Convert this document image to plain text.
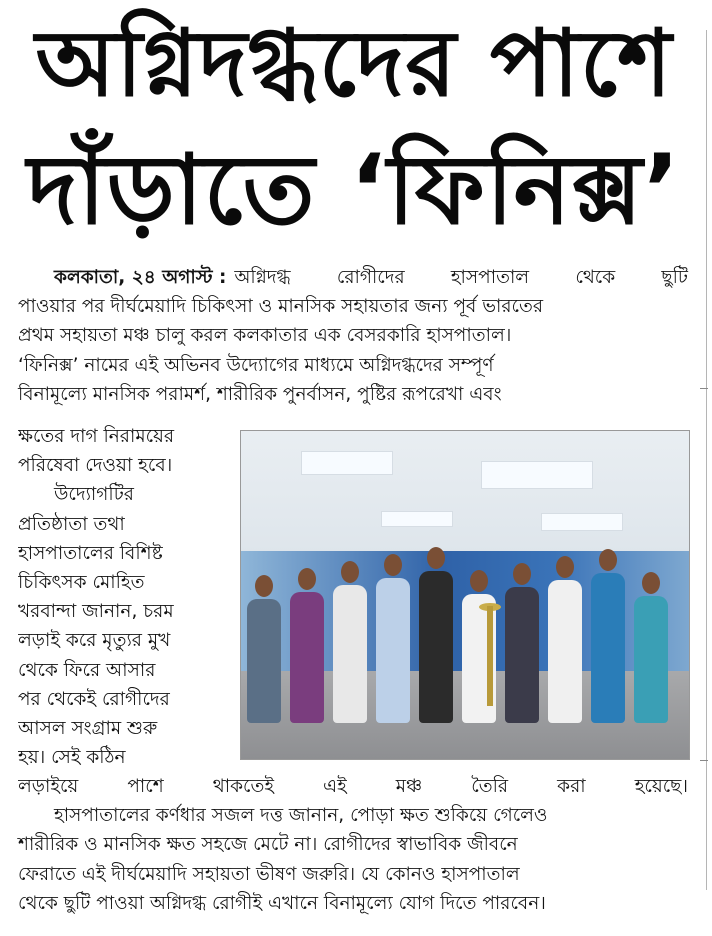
অগ্নিদগ্ধদের পাশে
দাঁড়াতে ‘ফিনিক্স’
কলকাতা, ২৪ অগাস্ট : অগ্নিদগ্ধ রোগীদের হাসপাতাল থেকে ছুটি
পাওয়ার পর দীর্ঘমেয়াদি চিকিৎসা ও মানসিক সহায়তার জন্য পূর্ব ভারতের
প্রথম সহায়তা মঞ্চ চালু করল কলকাতার এক বেসরকারি হাসপাতাল।
‘ফিনিক্স’ নামের এই অভিনব উদ্যোগের মাধ্যমে অগ্নিদগ্ধদের সম্পূর্ণ
বিনামূল্যে মানসিক পরামর্শ, শারীরিক পুনর্বাসন, পুষ্টির রূপরেখা এবং
ক্ষতের দাগ নিরাময়ের
পরিষেবা দেওয়া হবে।
উদ্যোগটির
প্রতিষ্ঠাতা তথা
হাসপাতালের বিশিষ্ট
চিকিৎসক মোহিত
খরবান্দা জানান, চরম
লড়াই করে মৃত্যুর মুখ
থেকে ফিরে আসার
পর থেকেই রোগীদের
আসল সংগ্রাম শুরু
হয়। সেই কঠিন
লড়াইয়ে পাশে থাকতেই এই মঞ্চ তৈরি করা হয়েছে।
হাসপাতালের কর্ণধার সজল দত্ত জানান, পোড়া ক্ষত শুকিয়ে গেলেও
শারীরিক ও মানসিক ক্ষত সহজে মেটে না। রোগীদের স্বাভাবিক জীবনে
ফেরাতে এই দীর্ঘমেয়াদি সহায়তা ভীষণ জরুরি। যে কোনও হাসপাতাল
থেকে ছুটি পাওয়া অগ্নিদগ্ধ রোগীই এখানে বিনামূল্যে যোগ দিতে পারবেন।
